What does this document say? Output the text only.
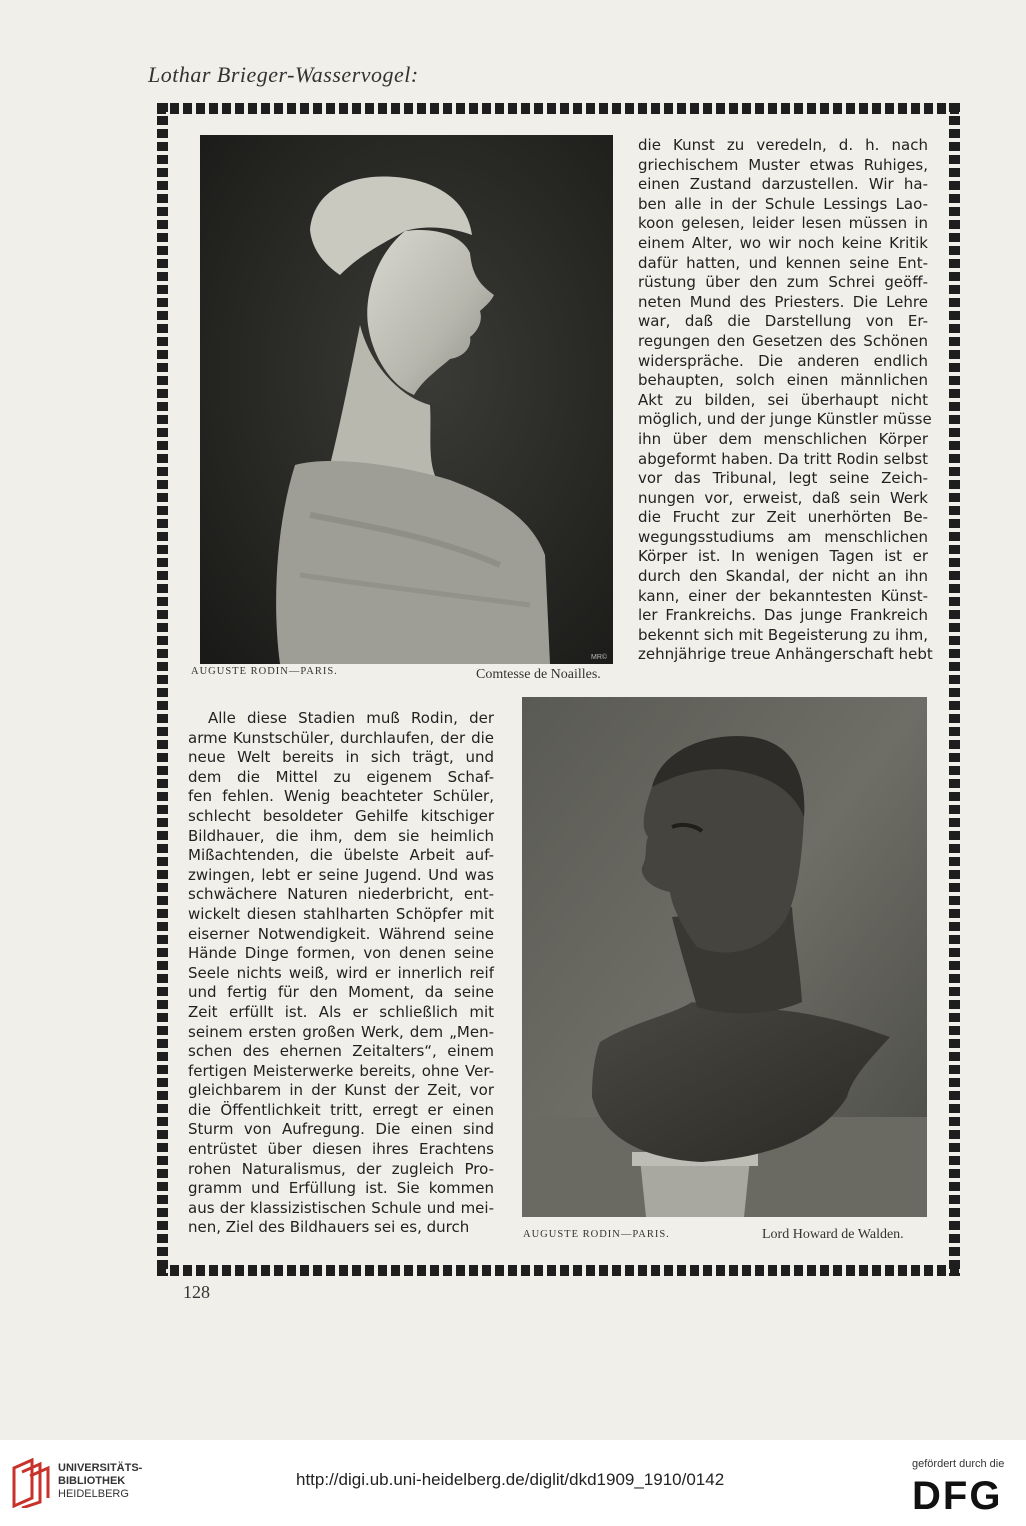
Lothar Brieger-Wasservogel:
AUGUSTE RODIN—PARIS.	Comtesse de Noailles.
MR©
die Kunst zu veredeln, d. h. nach
griechischem Muster etwas Ruhiges,
einen Zustand darzustellen. Wir ha-
ben alle in der Schule Lessings Lao-
koon gelesen, leider lesen müssen in
einem Alter, wo wir noch keine Kritik
dafür hatten, und kennen seine Ent-
rüstung über den zum Schrei geöff-
neten Mund des Priesters. Die Lehre
war, daß die Darstellung von Er-
regungen den Gesetzen des Schönen
widerspräche. Die anderen endlich
behaupten, solch einen männlichen
Akt zu bilden, sei überhaupt nicht
möglich, und der junge Künstler müsse
ihn über dem menschlichen Körper
abgeformt haben. Da tritt Rodin selbst
vor das Tribunal, legt seine Zeich-
nungen vor, erweist, daß sein Werk
die Frucht zur Zeit unerhörten Be-
wegungsstudiums am menschlichen
Körper ist. In wenigen Tagen ist er
durch den Skandal, der nicht an ihn
kann, einer der bekanntesten Künst-
ler Frankreichs. Das junge Frankreich
bekennt sich mit Begeisterung zu ihm,
zehnjährige treue Anhängerschaft hebt
AUGUSTE RODIN—PARIS.	Lord Howard de Walden.
Alle diese Stadien muß Rodin, der
arme Kunstschüler, durchlaufen, der die
neue Welt bereits in sich trägt, und
dem die Mittel zu eigenem Schaf-
fen fehlen. Wenig beachteter Schüler,
schlecht besoldeter Gehilfe kitschiger
Bildhauer, die ihm, dem sie heimlich
Mißachtenden, die übelste Arbeit auf-
zwingen, lebt er seine Jugend. Und was
schwächere Naturen niederbricht, ent-
wickelt diesen stahlharten Schöpfer mit
eiserner Notwendigkeit. Während seine
Hände Dinge formen, von denen seine
Seele nichts weiß, wird er innerlich reif
und fertig für den Moment, da seine
Zeit erfüllt ist. Als er schließlich mit
seinem ersten großen Werk, dem „Men-
schen des ehernen Zeitalters“, einem
fertigen Meisterwerke bereits, ohne Ver-
gleichbarem in der Kunst der Zeit, vor
die Öffentlichkeit tritt, erregt er einen
Sturm von Aufregung. Die einen sind
entrüstet über diesen ihres Erachtens
rohen Naturalismus, der zugleich Pro-
gramm und Erfüllung ist. Sie kommen
aus der klassizistischen Schule und mei-
nen, Ziel des Bildhauers sei es, durch
128
UNIVERSITÄTS-
BIBLIOTHEK
HEIDELBERG
http://digi.ub.uni-heidelberg.de/diglit/dkd1909_1910/0142
gefördert durch die
DFG
